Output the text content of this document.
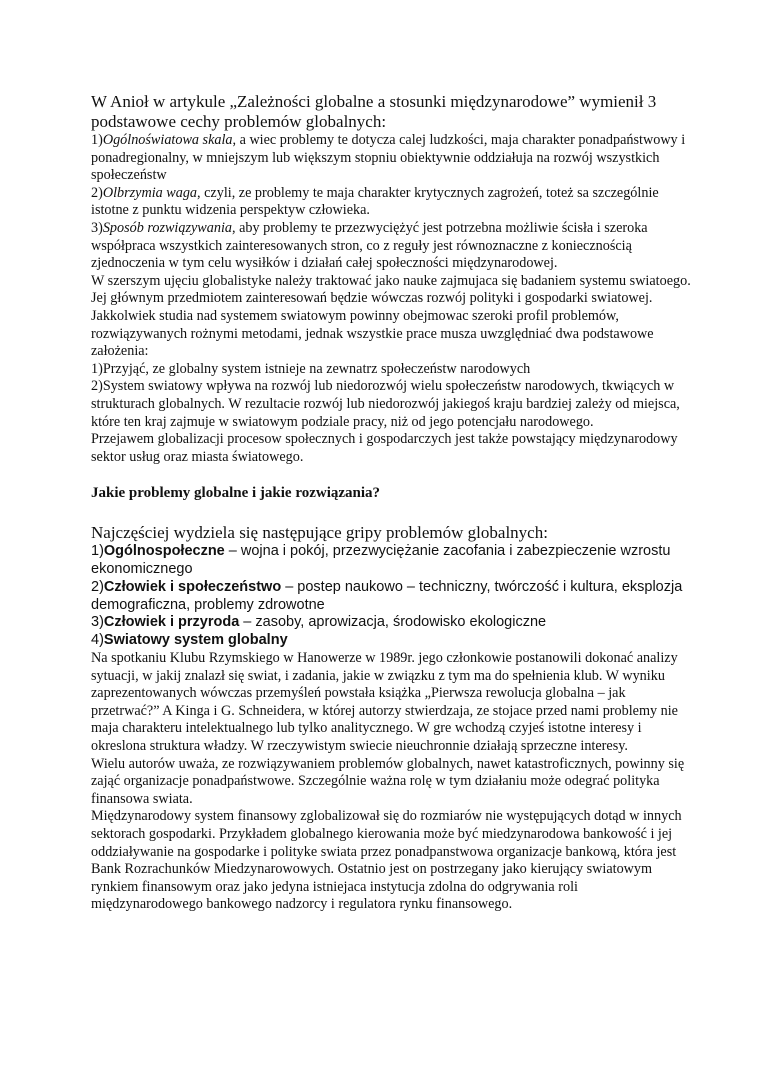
W Anioł w artykule „Zależności globalne a stosunki międzynarodowe” wymienił 3 podstawowe cechy problemów globalnych:

1)Ogólnoświatowa skala, a wiec problemy te dotycza calej ludzkości, maja charakter ponadpaństwowy i ponadregionalny, w mniejszym lub większym stopniu obiektywnie oddziałuja na rozwój wszystkich społeczeństw

2)Olbrzymia waga, czyli, ze problemy te maja charakter krytycznych zagrożeń, toteż sa szczególnie istotne z punktu widzenia perspektyw człowieka.

3)Sposób rozwiązywania, aby problemy te przezwyciężyć jest potrzebna możliwie ścisła i szeroka współpraca wszystkich zainteresowanych stron, co z reguły jest równoznaczne z koniecznością zjednoczenia w tym celu wysiłków i działań całej społeczności międzynarodowej.

W szerszym ujęciu globalistyke należy traktować jako nauke zajmujaca się badaniem systemu swiatoego. Jej głównym przedmiotem zainteresowań będzie wówczas rozwój polityki i gospodarki swiatowej. Jakkolwiek studia nad systemem swiatowym powinny obejmowac szeroki profil problemów, rozwiązywanych rożnymi metodami, jednak wszystkie prace musza uwzględniać dwa podstawowe założenia:

1)Przyjąć, ze globalny system istnieje na zewnatrz społeczeństw narodowych

2)System swiatowy wpływa na rozwój lub niedorozwój wielu społeczeństw narodowych, tkwiących w strukturach globalnych. W rezultacie rozwój lub niedorozwój jakiegoś kraju bardziej zależy od miejsca, które ten kraj zajmuje w swiatowym podziale pracy, niż od jego potencjału narodowego.

Przejawem globalizacji procesow społecznych i gospodarczych jest także powstający międzynarodowy sektor usług oraz miasta światowego.

Jakie problemy globalne i jakie rozwiązania?

Najczęściej wydziela się następujące gripy problemów globalnych:

1)Ogólnospołeczne – wojna i pokój, przezwyciężanie zacofania i zabezpieczenie wzrostu ekonomicznego

2)Człowiek i społeczeństwo – postep naukowo – techniczny, twórczość i kultura, eksplozja demograficzna, problemy zdrowotne

3)Człowiek i przyroda – zasoby, aprowizacja, środowisko ekologiczne

4)Swiatowy system globalny

Na spotkaniu Klubu Rzymskiego w Hanowerze w 1989r. jego członkowie postanowili dokonać analizy sytuacji, w jakij znalazł się swiat, i zadania, jakie w związku z tym ma do spełnienia klub. W wyniku zaprezentowanych wówczas przemyśleń powstała książka „Pierwsza rewolucja globalna – jak przetrwać?” A Kinga i G. Schneidera, w której autorzy stwierdzaja, ze stojace przed nami problemy nie maja charakteru intelektualnego lub tylko analitycznego. W gre wchodzą czyjeś istotne interesy i okreslona struktura władzy. W rzeczywistym swiecie nieuchronnie działają sprzeczne interesy.

Wielu autorów uważa, ze rozwiązywaniem problemów globalnych, nawet katastroficznych, powinny się zająć organizacje ponadpaństwowe. Szczególnie ważna rolę w tym działaniu może odegrać polityka finansowa swiata.

Międzynarodowy system finansowy zglobalizował się do rozmiarów nie występujących dotąd w innych sektorach gospodarki. Przykładem globalnego kierowania może być miedzynarodowa bankowość i jej oddziaływanie na gospodarke i polityke swiata przez ponadpanstwowa organizacje bankową, która jest Bank Rozrachunków Miedzynarowowych. Ostatnio jest on postrzegany jako kierujący swiatowym rynkiem finansowym oraz jako jedyna istniejaca instytucja zdolna do odgrywania roli międzynarodowego bankowego nadzorcy i regulatora rynku finansowego.
